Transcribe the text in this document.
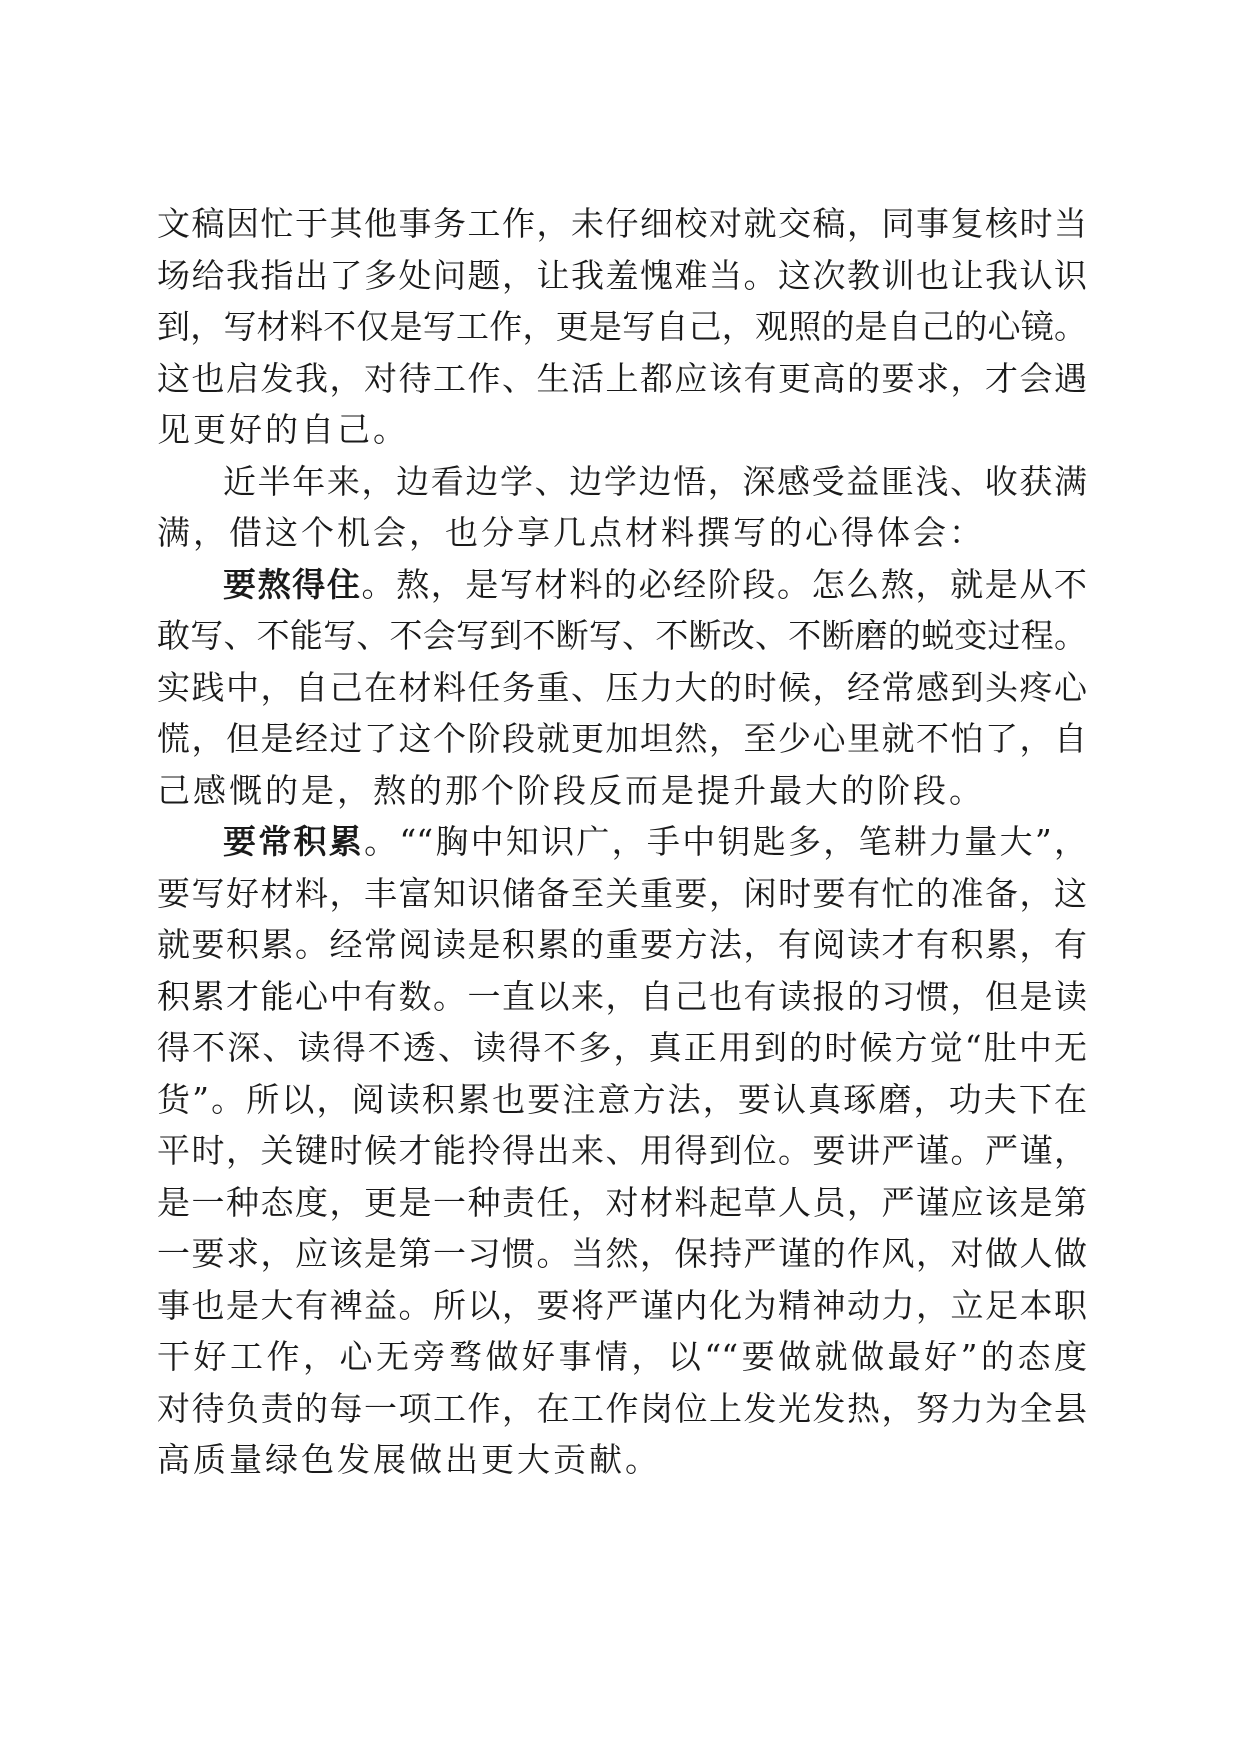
文稿因忙于其他事务工作，未仔细校对就交稿，同事复核时当
场给我指出了多处问题，让我羞愧难当。这次教训也让我认识
到，写材料不仅是写工作，更是写自己，观照的是自己的心镜。
这也启发我，对待工作、生活上都应该有更高的要求，才会遇
见更好的自己。
近半年来，边看边学、边学边悟，深感受益匪浅、收获满
满，借这个机会，也分享几点材料撰写的心得体会：
要熬得住。熬，是写材料的必经阶段。怎么熬，就是从不
敢写、不能写、不会写到不断写、不断改、不断磨的蜕变过程。
实践中，自己在材料任务重、压力大的时候，经常感到头疼心
慌，但是经过了这个阶段就更加坦然，至少心里就不怕了，自
己感慨的是，熬的那个阶段反而是提升最大的阶段。
要常积累。““胸中知识广，手中钥匙多，笔耕力量大”，
要写好材料，丰富知识储备至关重要，闲时要有忙的准备，这
就要积累。经常阅读是积累的重要方法，有阅读才有积累，有
积累才能心中有数。一直以来，自己也有读报的习惯，但是读
得不深、读得不透、读得不多，真正用到的时候方觉“肚中无
货”。所以，阅读积累也要注意方法，要认真琢磨，功夫下在
平时，关键时候才能拎得出来、用得到位。要讲严谨。严谨，
是一种态度，更是一种责任，对材料起草人员，严谨应该是第
一要求，应该是第一习惯。当然，保持严谨的作风，对做人做
事也是大有裨益。所以，要将严谨内化为精神动力，立足本职
干好工作，心无旁骛做好事情，以““要做就做最好”的态度
对待负责的每一项工作，在工作岗位上发光发热，努力为全县
高质量绿色发展做出更大贡献。
